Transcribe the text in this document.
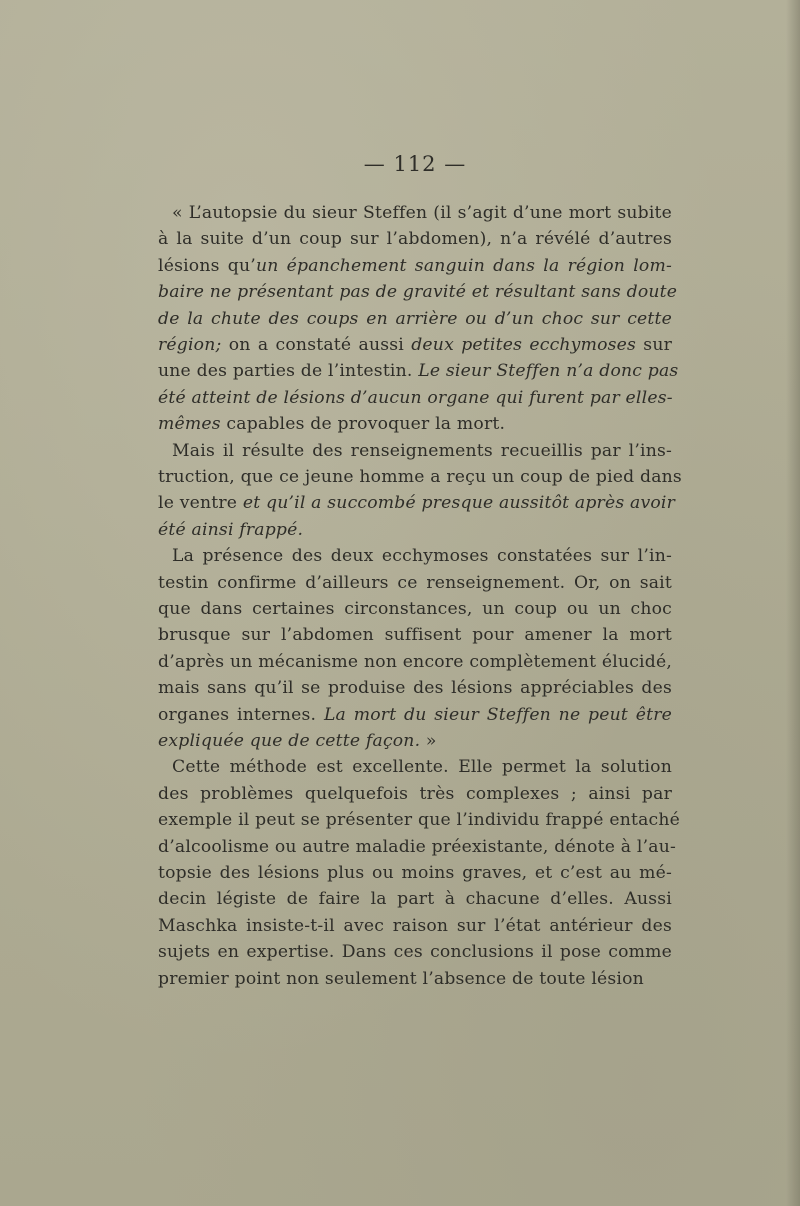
— 112 —
« L’autopsie du sieur Steffen (il s’agit d’une mort subite
à la suite d’un coup sur l’abdomen), n’a révélé d’autres
lésions qu’un épanchement sanguin dans la région lom-
baire ne présentant pas de gravité et résultant sans doute
de la chute des coups en arrière ou d’un choc sur cette
région; on a constaté aussi deux petites ecchymoses sur
une des parties de l’intestin. Le sieur Steffen n’a donc pas
été atteint de lésions d’aucun organe qui furent par elles-
mêmes capables de provoquer la mort.
Mais il résulte des renseignements recueillis par l’ins-
truction, que ce jeune homme a reçu un coup de pied dans
le ventre et qu’il a succombé presque aussitôt après avoir
été ainsi frappé.
La présence des deux ecchymoses constatées sur l’in-
testin confirme d’ailleurs ce renseignement. Or, on sait
que dans certaines circonstances, un coup ou un choc
brusque sur l’abdomen suffisent pour amener la mort
d’après un mécanisme non encore complètement élucidé,
mais sans qu’il se produise des lésions appréciables des
organes internes. La mort du sieur Steffen ne peut être
expliquée que de cette façon. »
Cette méthode est excellente. Elle permet la solution
des problèmes quelquefois très complexes ; ainsi par
exemple il peut se présenter que l’individu frappé entaché
d’alcoolisme ou autre maladie préexistante, dénote à l’au-
topsie des lésions plus ou moins graves, et c’est au mé-
decin légiste de faire la part à chacune d’elles. Aussi
Maschka insiste-t-il avec raison sur l’état antérieur des
sujets en expertise. Dans ces conclusions il pose comme
premier point non seulement l’absence de toute lésion
